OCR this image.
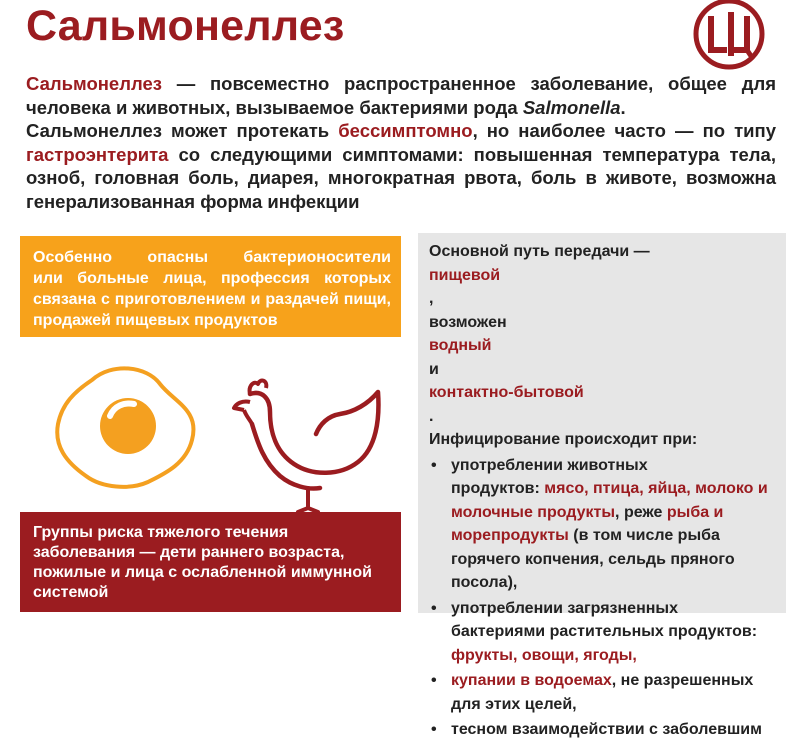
Сальмонеллез

Сальмонеллез — повсеместно распространенное заболевание, общее для человека и животных, вызываемое бактериями рода Salmonella.

Сальмонеллез может протекать бессимптомно, но наиболее часто — по типу гастроэнтерита со следующими симптомами: повышенная температура тела, озноб, головная боль, диарея, многократная рвота, боль в животе, возможна генерализованная форма инфекции

Особенно опасны бактерионосители
или больные лица, профессия которых
связана с приготовлением и раздачей пищи,
продажей пищевых продуктов
Группы риска тяжелого течения
заболевания — дети раннего возраста,
пожилые и лица с ослабленной иммунной
системой
Основной путь передачи —
пищевой
,
возможен
водный
и
контактно-бытовой
.
Инфицирование происходит при:
• употреблении животных
продуктов: мясо, птица, яйца, молоко и
молочные продукты, реже рыба и
морепродукты (в том числе рыба
горячего копчения, сельдь пряного
посола),
• употреблении загрязненных
бактериями растительных продуктов:
фрукты, овощи, ягоды,
• купании в водоемах, не разрешенных
для этих целей,
• тесном взаимодействии с заболевшим
